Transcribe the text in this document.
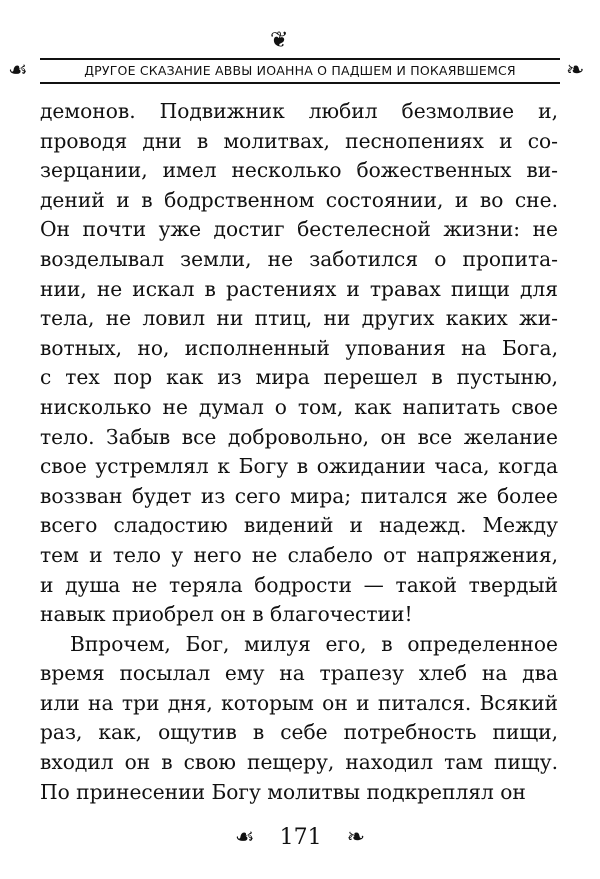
❦
☙	ДРУГОЕ СКАЗАНИЕ АВВЫ ИОАННА О ПАДШЕМ И ПОКАЯВШЕМСЯ	❧
демонов. Подвижник любил безмолвие и,
проводя дни в молитвах, песнопениях и со-
зерцании, имел несколько божественных ви-
дений и в бодрственном состоянии, и во сне.
Он почти уже достиг бестелесной жизни: не
возделывал земли, не заботился о пропита-
нии, не искал в растениях и травах пищи для
тела, не ловил ни птиц, ни других каких жи-
вотных, но, исполненный упования на Бога,
с тех пор как из мира перешел в пустыню,
нисколько не думал о том, как напитать свое
тело. Забыв все добровольно, он все желание
свое устремлял к Богу в ожидании часа, когда
воззван будет из сего мира; питался же более
всего сладостию видений и надежд. Между
тем и тело у него не слабело от напряжения,
и душа не теряла бодрости — такой твердый
навык приобрел он в благочестии!
Впрочем, Бог, милуя его, в определенное
время посылал ему на трапезу хлеб на два
или на три дня, которым он и питался. Всякий
раз, как, ощутив в себе потребность пищи,
входил он в свою пещеру, находил там пищу.
По принесении Богу молитвы подкреплял он
☙ 171 ❧
